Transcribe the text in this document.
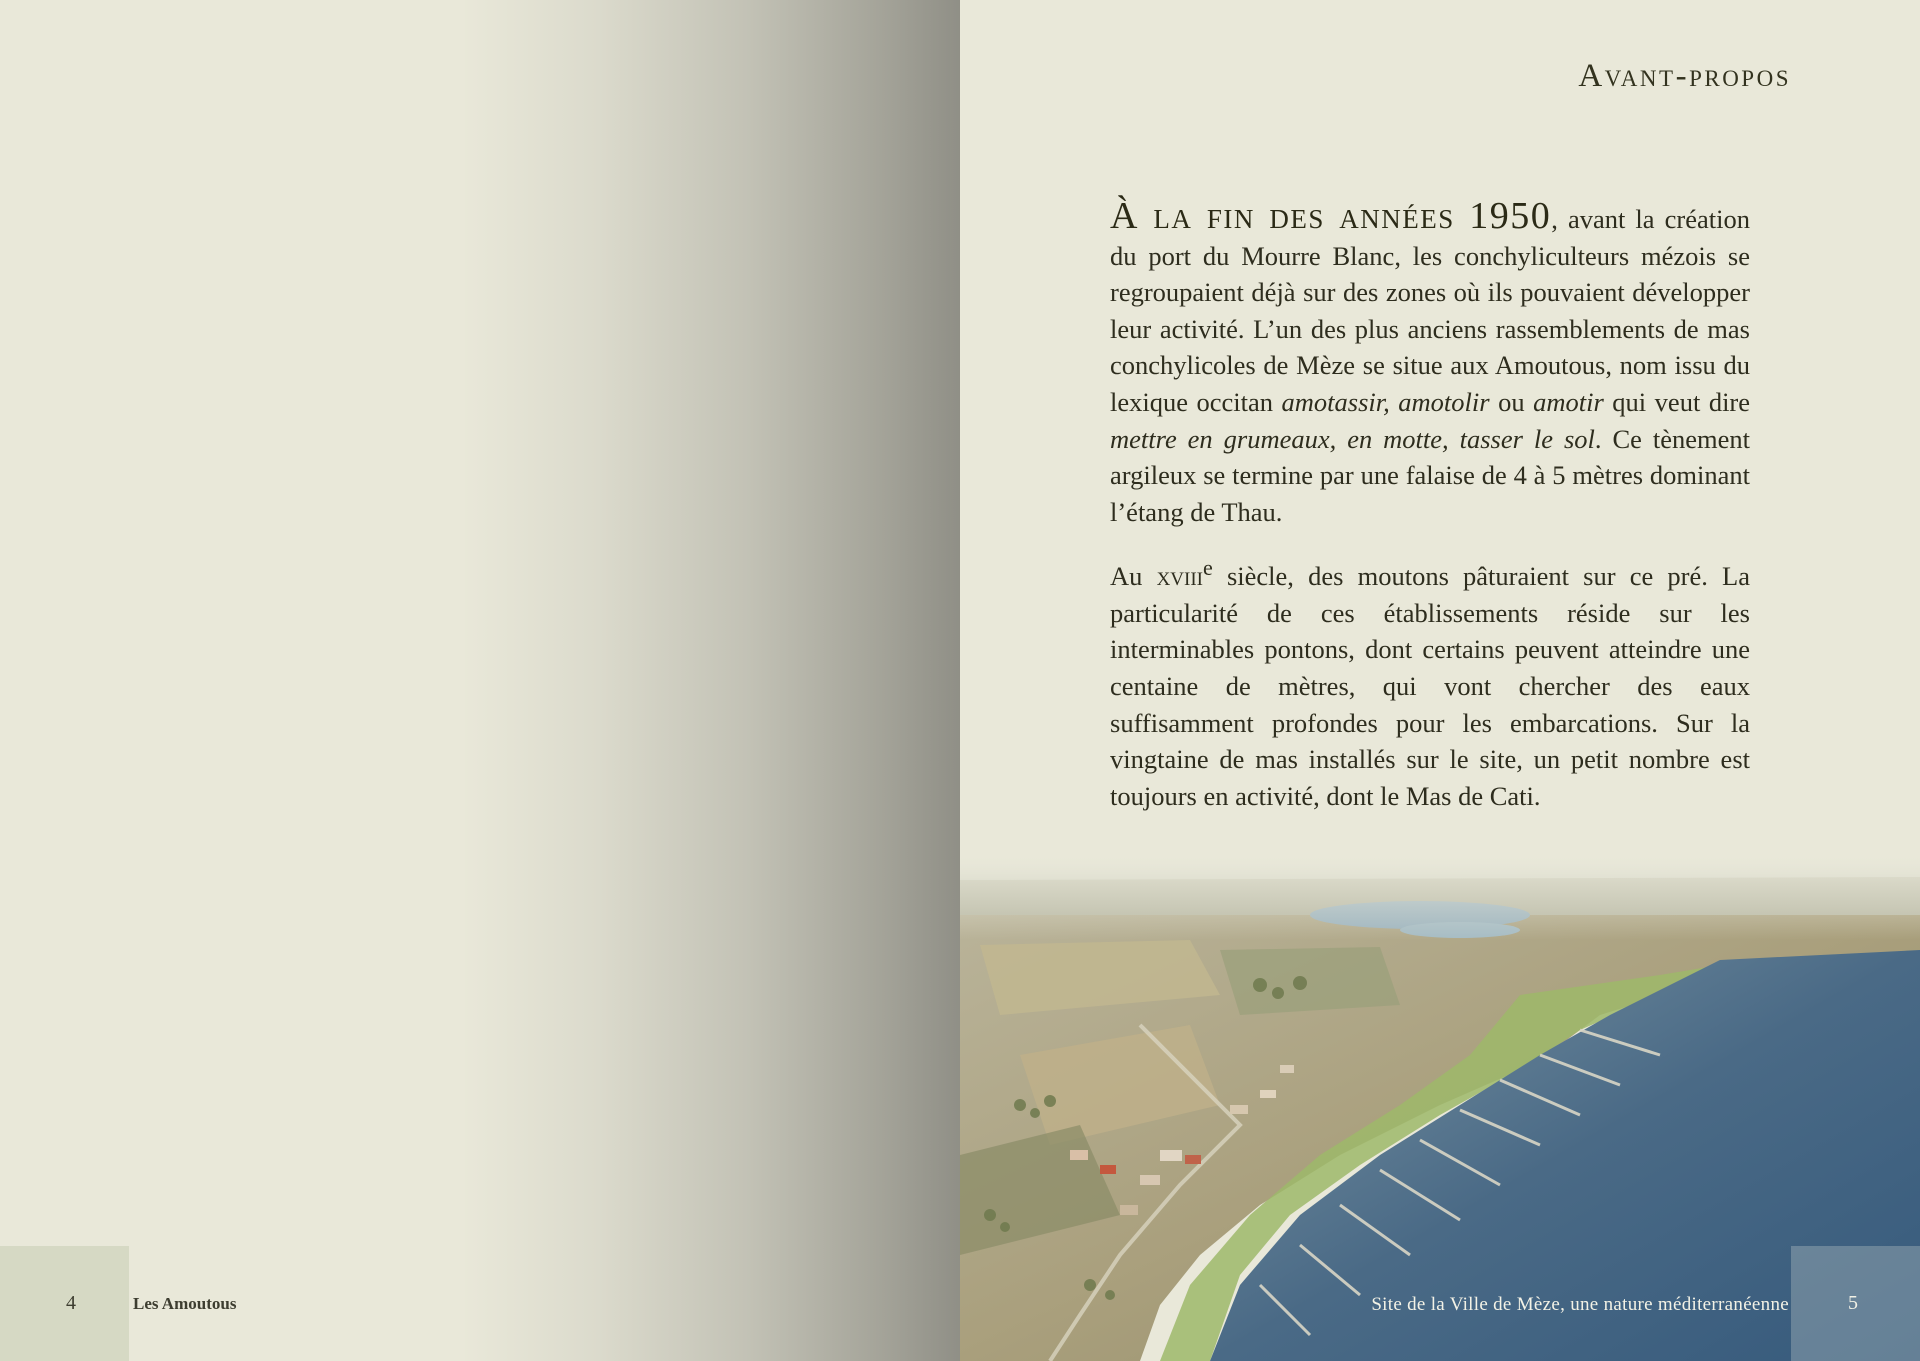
4	Les Amoutous
Avant-propos

À la fin des années 1950, avant la création du port du Mourre Blanc, les conchyliculteurs mézois se regroupaient déjà sur des zones où ils pouvaient développer leur activité. L’un des plus anciens rassemblements de mas conchylicoles de Mèze se situe aux Amoutous, nom issu du lexique occitan amotassir, amotolir ou amotir qui veut dire mettre en grumeaux, en motte, tasser le sol. Ce tènement argileux se termine par une falaise de 4 à 5 mètres dominant l’étang de Thau.

Au xviii$^e$ siècle, des moutons pâturaient sur ce pré. La particularité de ces établissements réside sur les interminables pontons, dont certains peuvent atteindre une centaine de mètres, qui vont chercher des eaux suffisamment profondes pour les embarcations. Sur la vingtaine de mas installés sur le site, un petit nombre est toujours en activité, dont le Mas de Cati.

Site de la Ville de Mèze, une nature méditerranéenne	5
